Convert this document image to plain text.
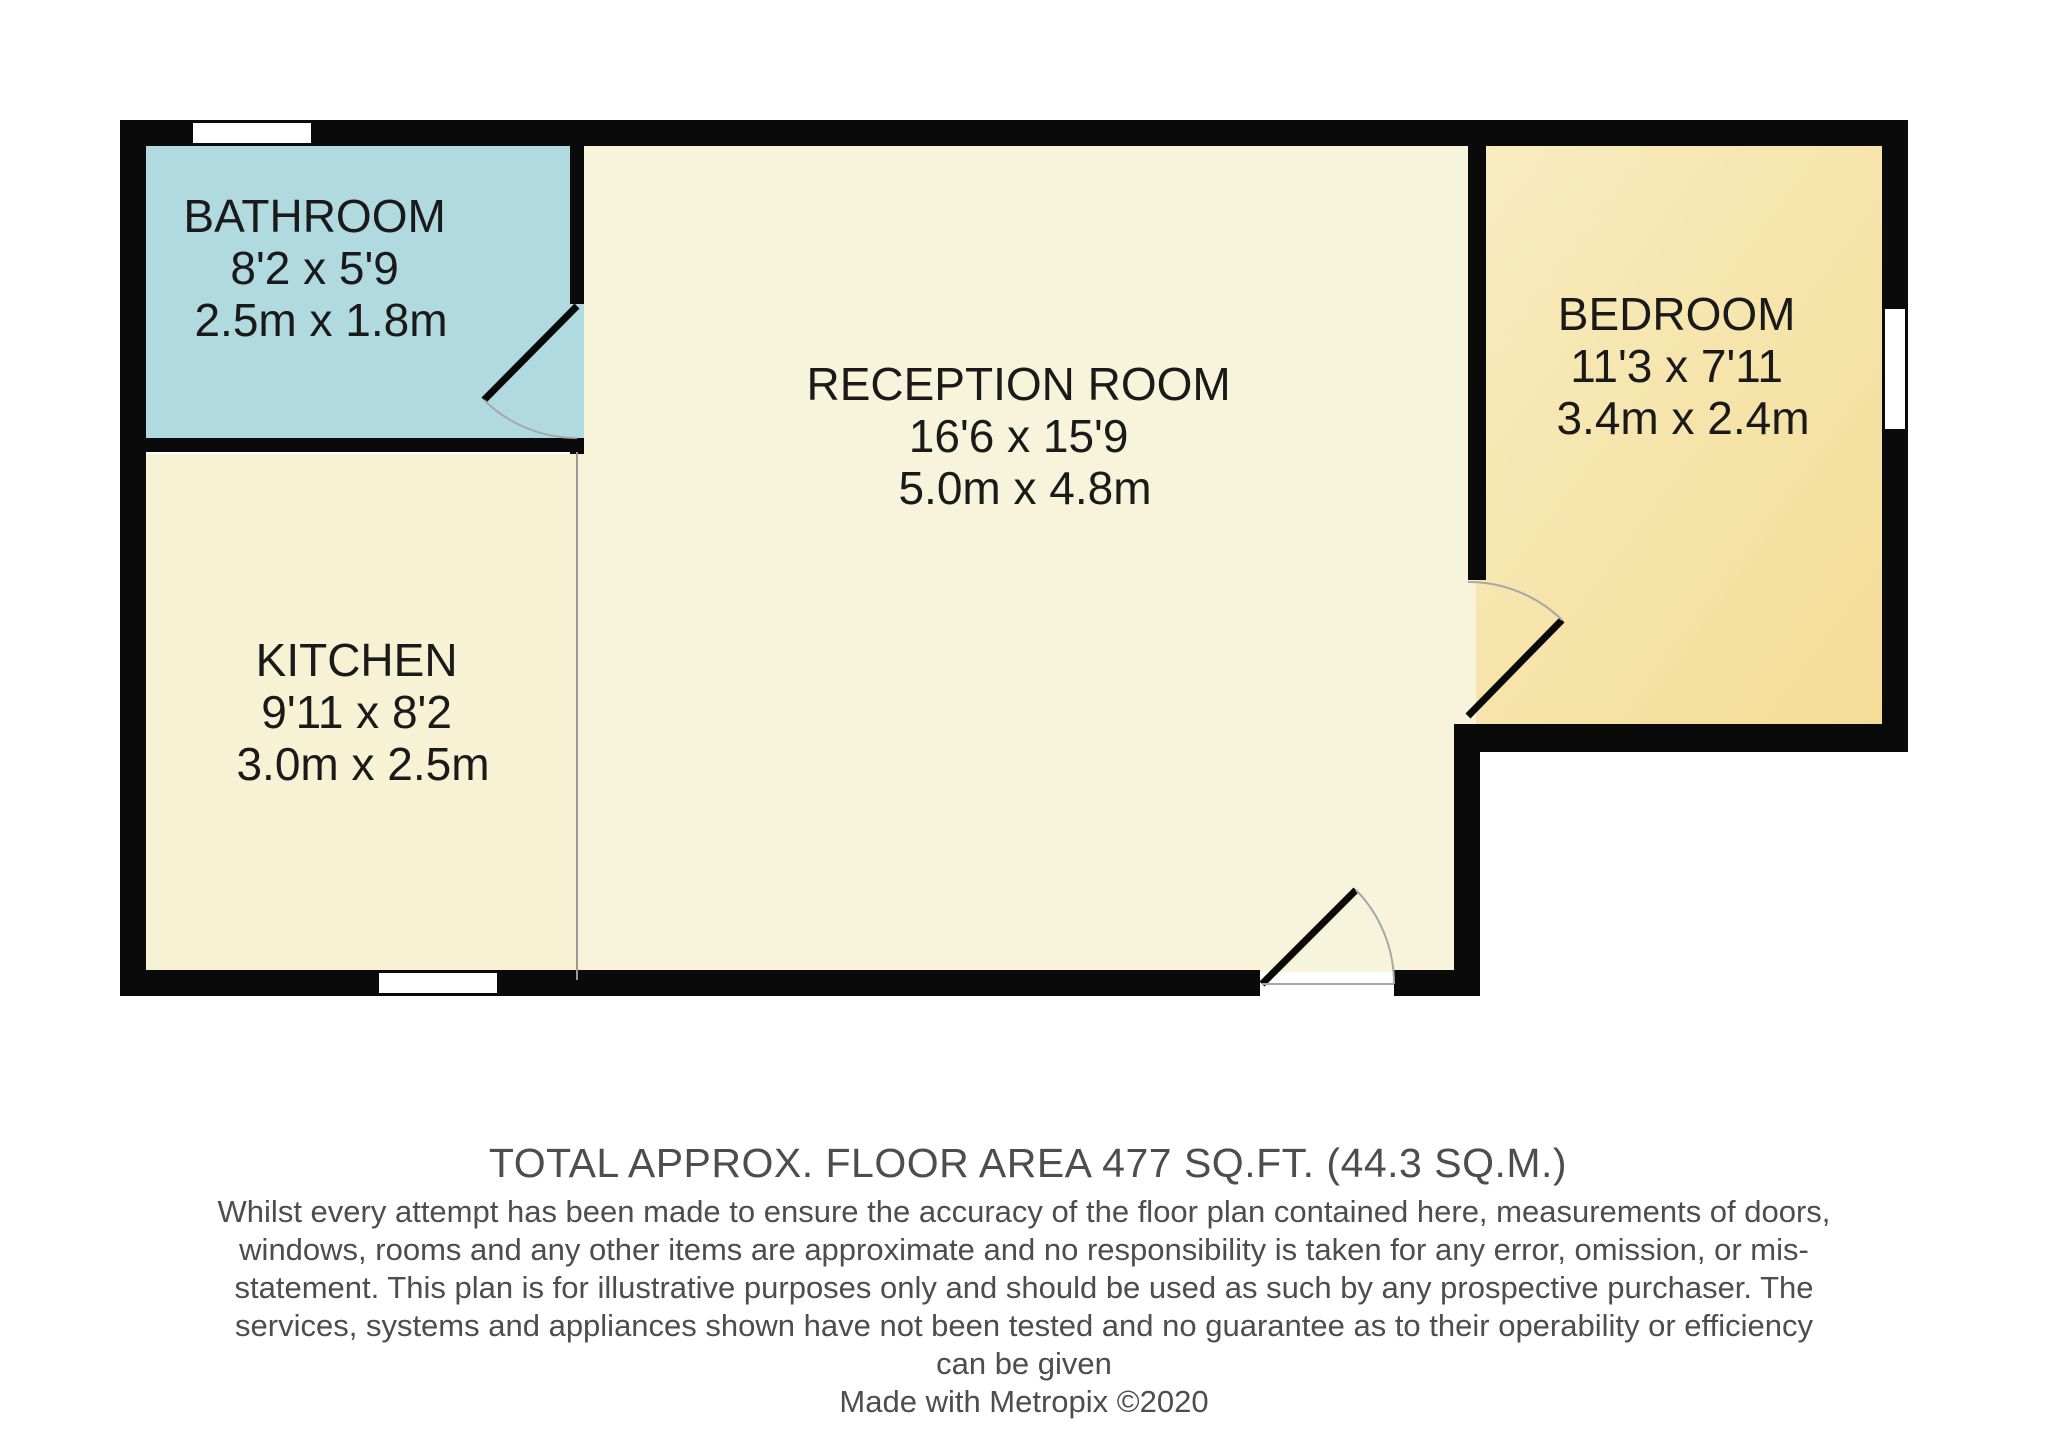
BATHROOM 8'2 x 5'9 2.5m x 1.8m
RECEPTION ROOM 16'6 x 15'9 5.0m x 4.8m
BEDROOM 11'3 x 7'11 3.4m x 2.4m
KITCHEN 9'11 x 8'2 3.0m x 2.5m
TOTAL APPROX. FLOOR AREA 477 SQ.FT. (44.3 SQ.M.)
Whilst every attempt has been made to ensure the accuracy of the floor plan contained here, measurements of doors, windows, rooms and any other items are approximate and no responsibility is taken for any error, omission, or mis-statement. This plan is for illustrative purposes only and should be used as such by any prospective purchaser. The services, systems and appliances shown have not been tested and no guarantee as to their operability or efficiency can be given
Made with Metropix ©2020
